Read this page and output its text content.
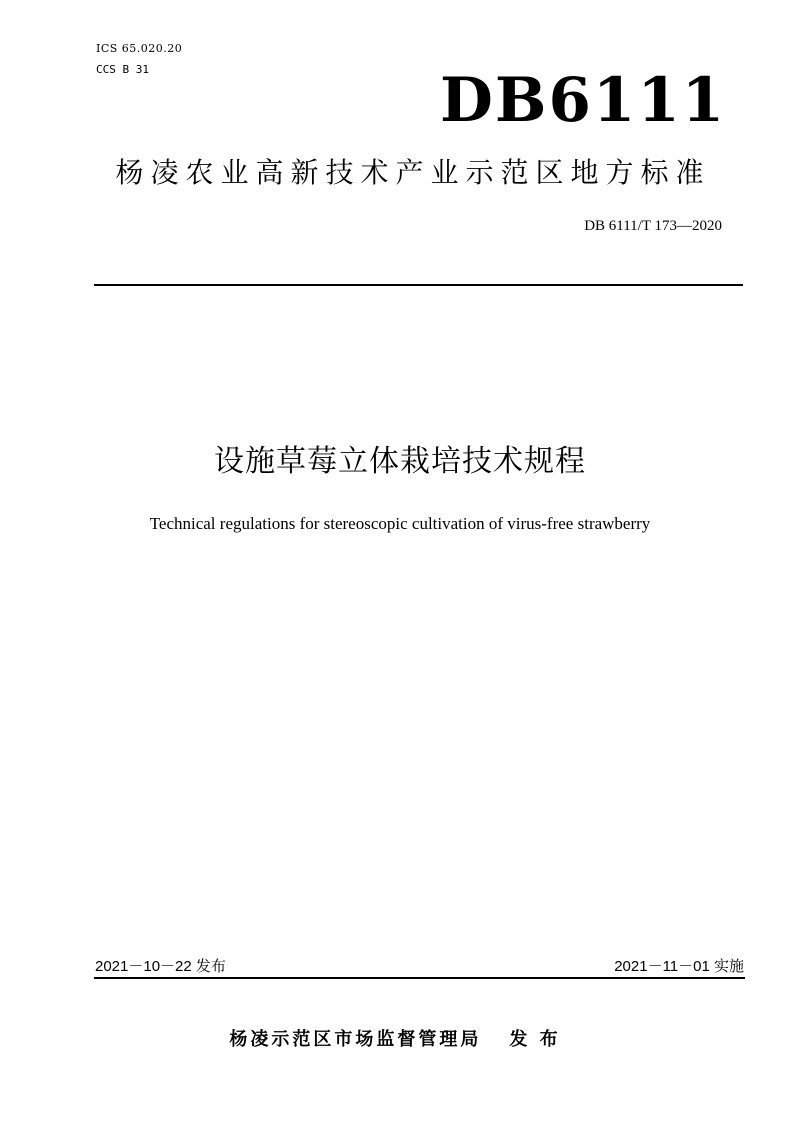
ICS 65.020.20
CCS B 31	DB6111
杨凌农业高新技术产业示范区地方标准
DB 6111/T 173—2020
设施草莓立体栽培技术规程
Technical regulations for stereoscopic cultivation of virus-free strawberry
2021－10－22 发布	2021－11－01 实施
杨凌示范区市场监督管理局 发 布
